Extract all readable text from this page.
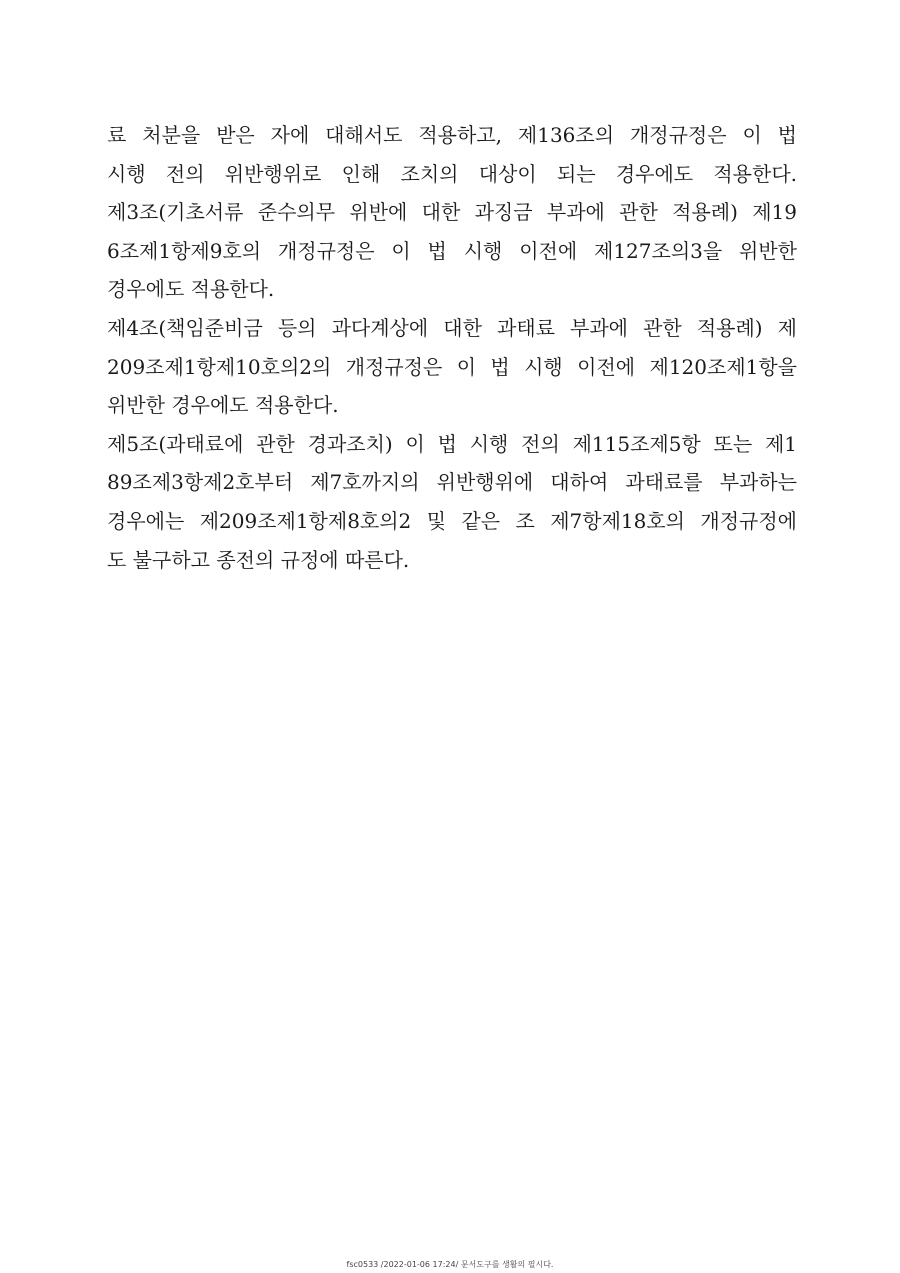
료 처분을 받은 자에 대해서도 적용하고, 제136조의 개정규정은 이 법
시행 전의 위반행위로 인해 조치의 대상이 되는 경우에도 적용한다.
제3조(기초서류 준수의무 위반에 대한 과징금 부과에 관한 적용례) 제19
6조제1항제9호의 개정규정은 이 법 시행 이전에 제127조의3을 위반한
경우에도 적용한다.
제4조(책임준비금 등의 과다계상에 대한 과태료 부과에 관한 적용례) 제
209조제1항제10호의2의 개정규정은 이 법 시행 이전에 제120조제1항을
위반한 경우에도 적용한다.
제5조(과태료에 관한 경과조치) 이 법 시행 전의 제115조제5항 또는 제1
89조제3항제2호부터 제7호까지의 위반행위에 대하여 과태료를 부과하는
경우에는 제209조제1항제8호의2 및 같은 조 제7항제18호의 개정규정에
도 불구하고 종전의 규정에 따른다.
fsc0533 /2022-01-06 17:24/ 문서도구를 생활의 필시다.
